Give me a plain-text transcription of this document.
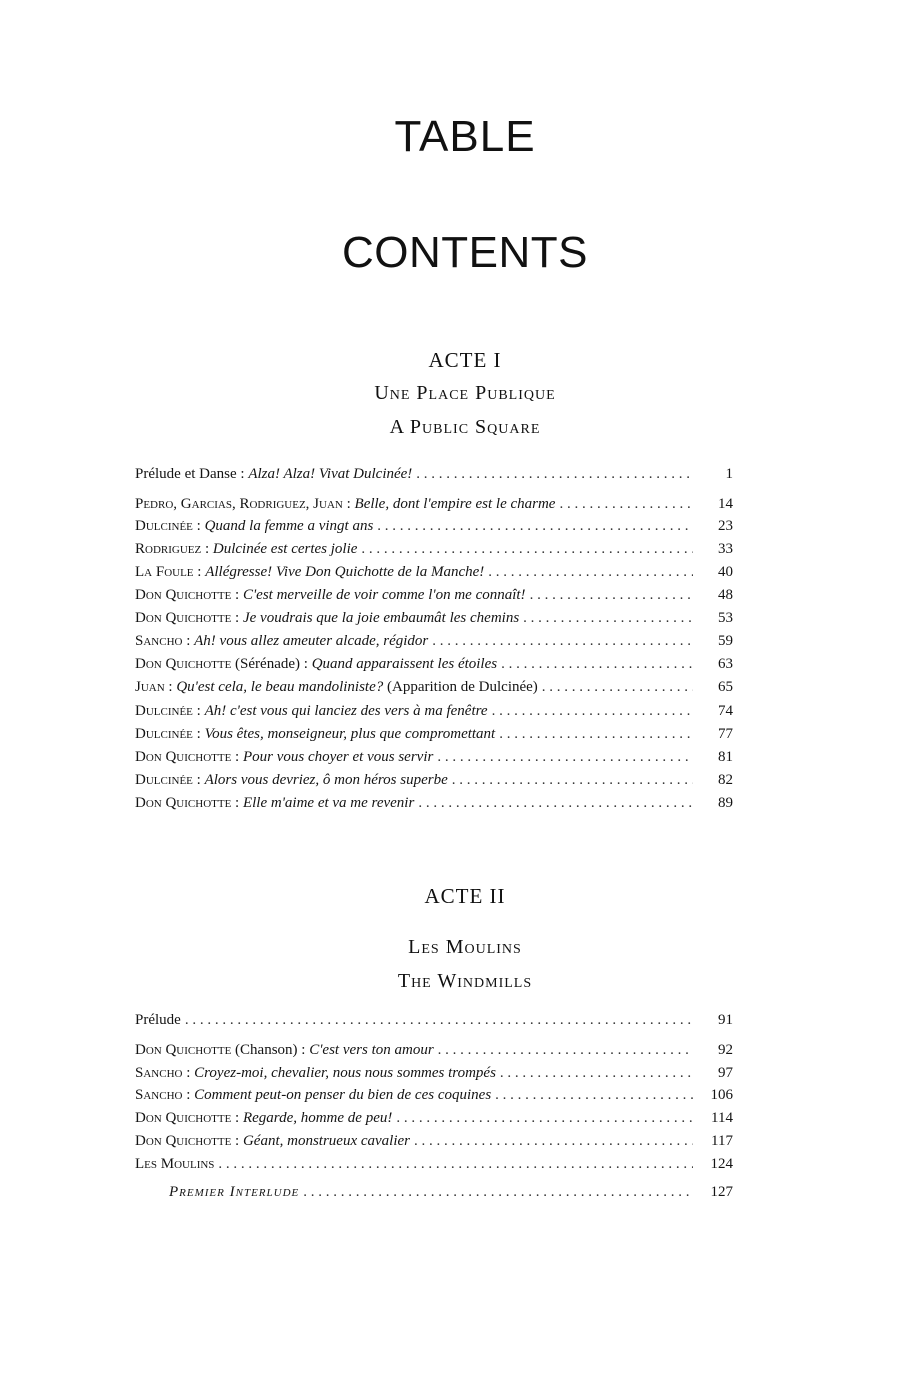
TABLE
CONTENTS
ACTE I
Une Place Publique
A Public Square
Prélude et Danse : Alza! Alza! Vivat Dulcinée! . . .	1
Pedro, Garcias, Rodriguez, Juan : Belle, dont l'empire est le charme . . .	14
Dulcinée : Quand la femme a vingt ans . . .	23
Rodriguez : Dulcinée est certes jolie . . .	33
La Foule : Allégresse! Vive Don Quichotte de la Manche! . . .	40
Don Quichotte : C'est merveille de voir comme l'on me connaît! . . .	48
Don Quichotte : Je voudrais que la joie embaumât les chemins . . .	53
Sancho : Ah! vous allez ameuter alcade, régidor . . .	59
Don Quichotte (Sérénade) : Quand apparaissent les étoiles . . .	63
Juan : Qu'est cela, le beau mandoliniste? (Apparition de Dulcinée) . . .	65
Dulcinée : Ah! c'est vous qui lanciez des vers à ma fenêtre . . .	74
Dulcinée : Vous êtes, monseigneur, plus que compromettant . . .	77
Don Quichotte : Pour vous choyer et vous servir . . .	81
Dulcinée : Alors vous devriez, ô mon héros superbe . . .	82
Don Quichotte : Elle m'aime et va me revenir . . .	89
ACTE II
Les Moulins
The Windmills
Prélude . . .	91
Don Quichotte (Chanson) : C'est vers ton amour . . .	92
Sancho : Croyez-moi, chevalier, nous nous sommes trompés . . .	97
Sancho : Comment peut-on penser du bien de ces coquines . . .	106
Don Quichotte : Regarde, homme de peu! . . .	114
Don Quichotte : Géant, monstrueux cavalier . . .	117
Les Moulins . . .	124
Premier Interlude . . .	127
